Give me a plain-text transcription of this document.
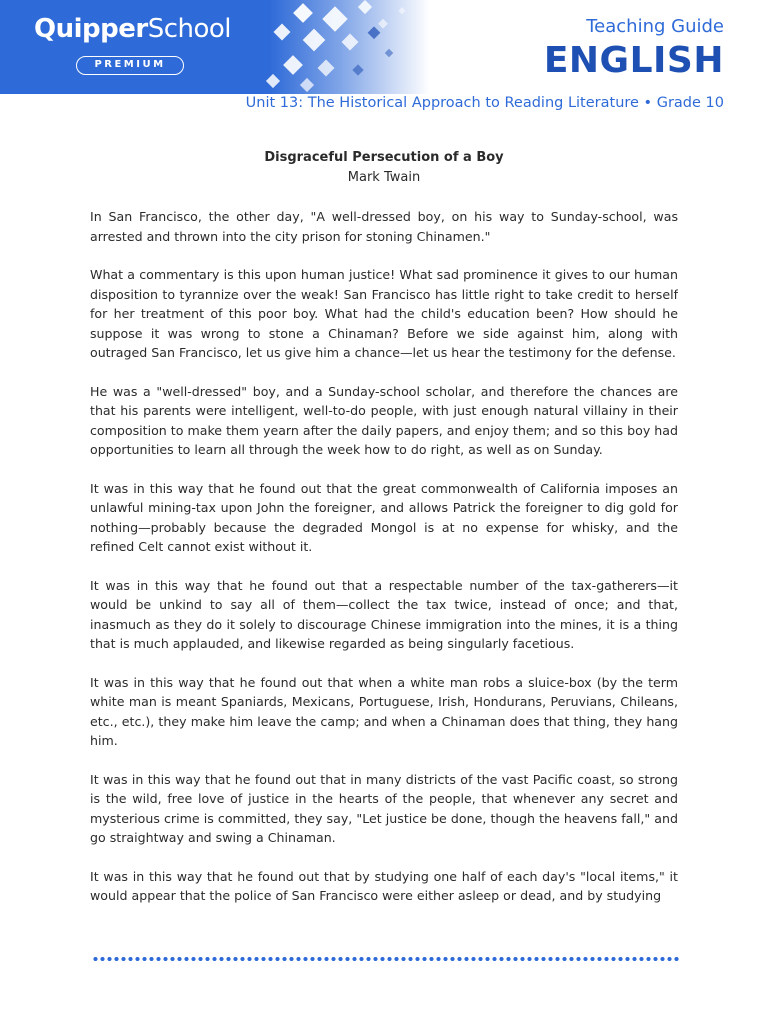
QuipperSchool
PREMIUM
Teaching Guide
ENGLISH
Unit 13: The Historical Approach to Reading Literature • Grade 10
Disgraceful Persecution of a Boy
Mark Twain

In San Francisco, the other day, "A well-dressed boy, on his way to Sunday-school, was arrested and thrown into the city prison for stoning Chinamen."

What a commentary is this upon human justice! What sad prominence it gives to our human disposition to tyrannize over the weak! San Francisco has little right to take credit to herself for her treatment of this poor boy. What had the child's education been? How should he suppose it was wrong to stone a Chinaman? Before we side against him, along with outraged San Francisco, let us give him a chance—let us hear the testimony for the defense.

He was a "well-dressed" boy, and a Sunday-school scholar, and therefore the chances are that his parents were intelligent, well-to-do people, with just enough natural villainy in their composition to make them yearn after the daily papers, and enjoy them; and so this boy had opportunities to learn all through the week how to do right, as well as on Sunday.

It was in this way that he found out that the great commonwealth of California imposes an unlawful mining-tax upon John the foreigner, and allows Patrick the foreigner to dig gold for nothing—probably because the degraded Mongol is at no expense for whisky, and the refined Celt cannot exist without it.

It was in this way that he found out that a respectable number of the tax-gatherers—it would be unkind to say all of them—collect the tax twice, instead of once; and that, inasmuch as they do it solely to discourage Chinese immigration into the mines, it is a thing that is much applauded, and likewise regarded as being singularly facetious.

It was in this way that he found out that when a white man robs a sluice-box (by the term white man is meant Spaniards, Mexicans, Portuguese, Irish, Hondurans, Peruvians, Chileans, etc., etc.), they make him leave the camp; and when a Chinaman does that thing, they hang him.

It was in this way that he found out that in many districts of the vast Pacific coast, so strong is the wild, free love of justice in the hearts of the people, that whenever any secret and mysterious crime is committed, they say, "Let justice be done, though the heavens fall," and go straightway and swing a Chinaman.

It was in this way that he found out that by studying one half of each day's "local items," it would appear that the police of San Francisco were either asleep or dead, and by studying
